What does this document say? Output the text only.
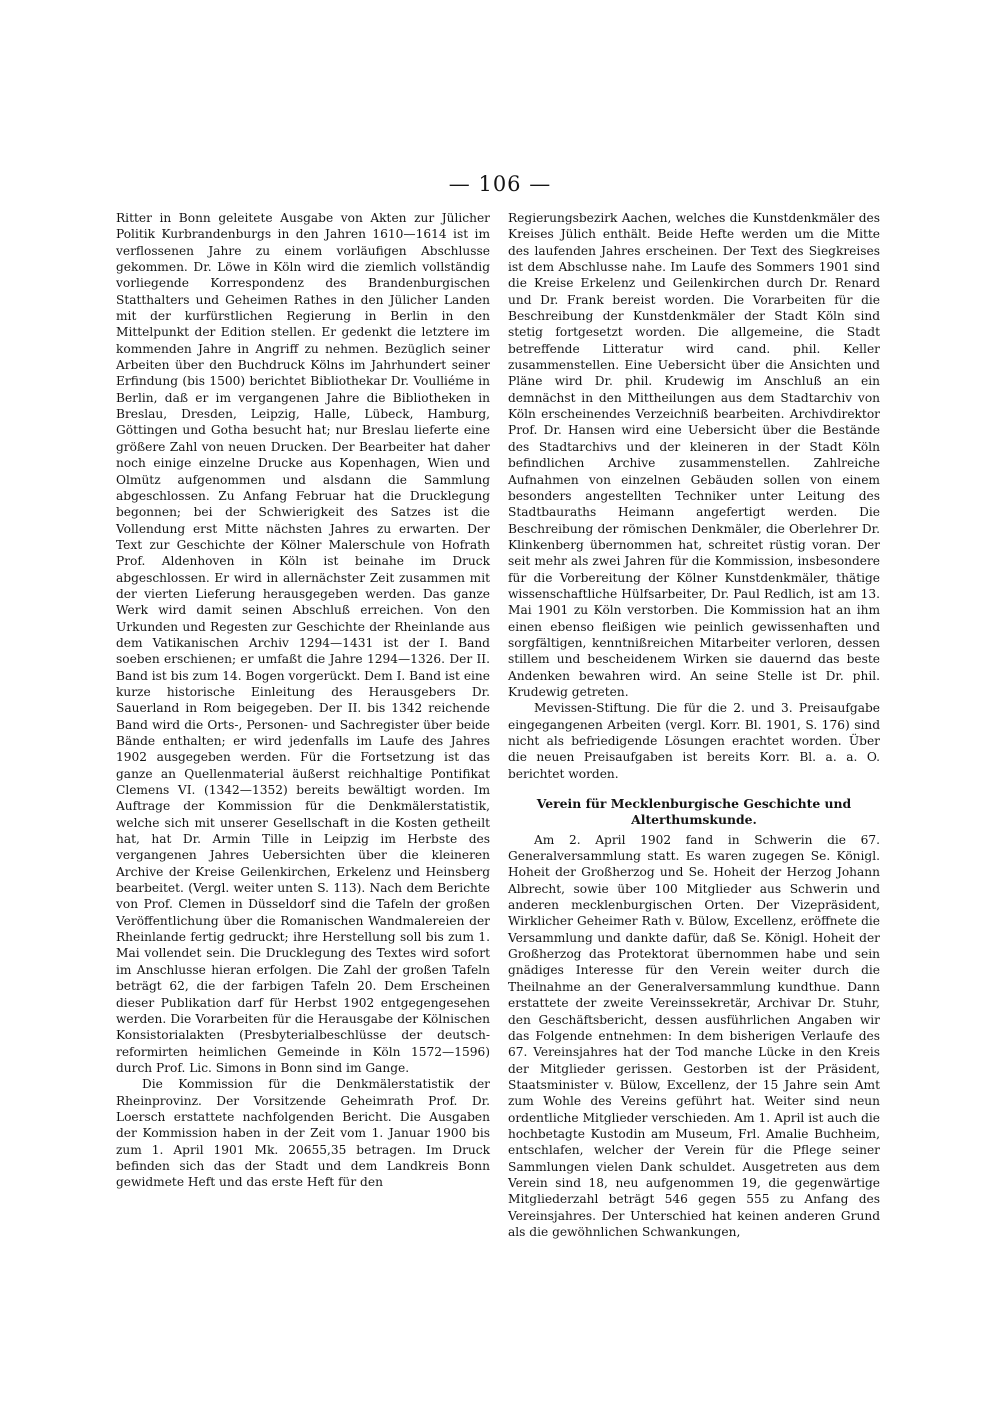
— 106 —

Ritter in Bonn geleitete Ausgabe von Akten zur Jülicher Politik Kurbrandenburgs in den Jahren 1610—1614 ist im verflossenen Jahre zu einem vorläufigen Abschlusse gekommen. Dr. Löwe in Köln wird die ziemlich vollständig vorliegende Korrespondenz des Brandenburgischen Statthalters und Geheimen Rathes in den Jülicher Landen mit der kurfürstlichen Regierung in Berlin in den Mittelpunkt der Edition stellen. Er gedenkt die letztere im kommenden Jahre in Angriff zu nehmen. Bezüglich seiner Arbeiten über den Buchdruck Kölns im Jahrhundert seiner Erfindung (bis 1500) berichtet Bibliothekar Dr. Voulliéme in Berlin, daß er im vergangenen Jahre die Bibliotheken in Breslau, Dresden, Leipzig, Halle, Lübeck, Hamburg, Göttingen und Gotha besucht hat; nur Breslau lieferte eine größere Zahl von neuen Drucken. Der Bearbeiter hat daher noch einige einzelne Drucke aus Kopenhagen, Wien und Olmütz aufgenommen und alsdann die Sammlung abgeschlossen. Zu Anfang Februar hat die Drucklegung begonnen; bei der Schwierigkeit des Satzes ist die Vollendung erst Mitte nächsten Jahres zu erwarten. Der Text zur Geschichte der Kölner Malerschule von Hofrath Prof. Aldenhoven in Köln ist beinahe im Druck abgeschlossen. Er wird in allernächster Zeit zusammen mit der vierten Lieferung herausgegeben werden. Das ganze Werk wird damit seinen Abschluß erreichen. Von den Urkunden und Regesten zur Geschichte der Rheinlande aus dem Vatikanischen Archiv 1294—1431 ist der I. Band soeben erschienen; er umfaßt die Jahre 1294—1326. Der II. Band ist bis zum 14. Bogen vorgerückt. Dem I. Band ist eine kurze historische Einleitung des Herausgebers Dr. Sauerland in Rom beigegeben. Der II. bis 1342 reichende Band wird die Orts-, Personen- und Sachregister über beide Bände enthalten; er wird jedenfalls im Laufe des Jahres 1902 ausgegeben werden. Für die Fortsetzung ist das ganze an Quellenmaterial äußerst reichhaltige Pontifikat Clemens VI. (1342—1352) bereits bewältigt worden. Im Auftrage der Kommission für die Denkmälerstatistik, welche sich mit unserer Gesellschaft in die Kosten getheilt hat, hat Dr. Armin Tille in Leipzig im Herbste des vergangenen Jahres Uebersichten über die kleineren Archive der Kreise Geilenkirchen, Erkelenz und Heinsberg bearbeitet. (Vergl. weiter unten S. 113). Nach dem Berichte von Prof. Clemen in Düsseldorf sind die Tafeln der großen Veröffentlichung über die Romanischen Wandmalereien der Rheinlande fertig gedruckt; ihre Herstellung soll bis zum 1. Mai vollendet sein. Die Drucklegung des Textes wird sofort im Anschlusse hieran erfolgen. Die Zahl der großen Tafeln beträgt 62, die der farbigen Tafeln 20. Dem Erscheinen dieser Publikation darf für Herbst 1902 entgegengesehen werden. Die Vorarbeiten für die Herausgabe der Kölnischen Konsistorialakten (Presbyterialbeschlüsse der deutsch-reformirten heimlichen Gemeinde in Köln 1572—1596) durch Prof. Lic. Simons in Bonn sind im Gange.

Die Kommission für die Denkmälerstatistik der Rheinprovinz. Der Vorsitzende Geheimrath Prof. Dr. Loersch erstattete nachfolgenden Bericht. Die Ausgaben der Kommission haben in der Zeit vom 1. Januar 1900 bis zum 1. April 1901 Mk. 20655,35 betragen. Im Druck befinden sich das der Stadt und dem Landkreis Bonn gewidmete Heft und das erste Heft für den

Regierungsbezirk Aachen, welches die Kunstdenkmäler des Kreises Jülich enthält. Beide Hefte werden um die Mitte des laufenden Jahres erscheinen. Der Text des Siegkreises ist dem Abschlusse nahe. Im Laufe des Sommers 1901 sind die Kreise Erkelenz und Geilenkirchen durch Dr. Renard und Dr. Frank bereist worden. Die Vorarbeiten für die Beschreibung der Kunstdenkmäler der Stadt Köln sind stetig fortgesetzt worden. Die allgemeine, die Stadt betreffende Litteratur wird cand. phil. Keller zusammenstellen. Eine Uebersicht über die Ansichten und Pläne wird Dr. phil. Krudewig im Anschluß an ein demnächst in den Mittheilungen aus dem Stadtarchiv von Köln erscheinendes Verzeichniß bearbeiten. Archivdirektor Prof. Dr. Hansen wird eine Uebersicht über die Bestände des Stadtarchivs und der kleineren in der Stadt Köln befindlichen Archive zusammenstellen. Zahlreiche Aufnahmen von einzelnen Gebäuden sollen von einem besonders angestellten Techniker unter Leitung des Stadtbauraths Heimann angefertigt werden. Die Beschreibung der römischen Denkmäler, die Oberlehrer Dr. Klinkenberg übernommen hat, schreitet rüstig voran. Der seit mehr als zwei Jahren für die Kommission, insbesondere für die Vorbereitung der Kölner Kunstdenkmäler, thätige wissenschaftliche Hülfsarbeiter, Dr. Paul Redlich, ist am 13. Mai 1901 zu Köln verstorben. Die Kommission hat an ihm einen ebenso fleißigen wie peinlich gewissenhaften und sorgfältigen, kenntnißreichen Mitarbeiter verloren, dessen stillem und bescheidenem Wirken sie dauernd das beste Andenken bewahren wird. An seine Stelle ist Dr. phil. Krudewig getreten.

Mevissen-Stiftung. Die für die 2. und 3. Preisaufgabe eingegangenen Arbeiten (vergl. Korr. Bl. 1901, S. 176) sind nicht als befriedigende Lösungen erachtet worden. Über die neuen Preisaufgaben ist bereits Korr. Bl. a. a. O. berichtet worden.

Verein für Mecklenburgische Geschichte und Alterthumskunde.

Am 2. April 1902 fand in Schwerin die 67. Generalversammlung statt. Es waren zugegen Se. Königl. Hoheit der Großherzog und Se. Hoheit der Herzog Johann Albrecht, sowie über 100 Mitglieder aus Schwerin und anderen mecklenburgischen Orten. Der Vizepräsident, Wirklicher Geheimer Rath v. Bülow, Excellenz, eröffnete die Versammlung und dankte dafür, daß Se. Königl. Hoheit der Großherzog das Protektorat übernommen habe und sein gnädiges Interesse für den Verein weiter durch die Theilnahme an der Generalversammlung kundthue. Dann erstattete der zweite Vereinssekretär, Archivar Dr. Stuhr, den Geschäftsbericht, dessen ausführlichen Angaben wir das Folgende entnehmen: In dem bisherigen Verlaufe des 67. Vereinsjahres hat der Tod manche Lücke in den Kreis der Mitglieder gerissen. Gestorben ist der Präsident, Staatsminister v. Bülow, Excellenz, der 15 Jahre sein Amt zum Wohle des Vereins geführt hat. Weiter sind neun ordentliche Mitglieder verschieden. Am 1. April ist auch die hochbetagte Kustodin am Museum, Frl. Amalie Buchheim, entschlafen, welcher der Verein für die Pflege seiner Sammlungen vielen Dank schuldet. Ausgetreten aus dem Verein sind 18, neu aufgenommen 19, die gegenwärtige Mitgliederzahl beträgt 546 gegen 555 zu Anfang des Vereinsjahres. Der Unterschied hat keinen anderen Grund als die gewöhnlichen Schwankungen,
